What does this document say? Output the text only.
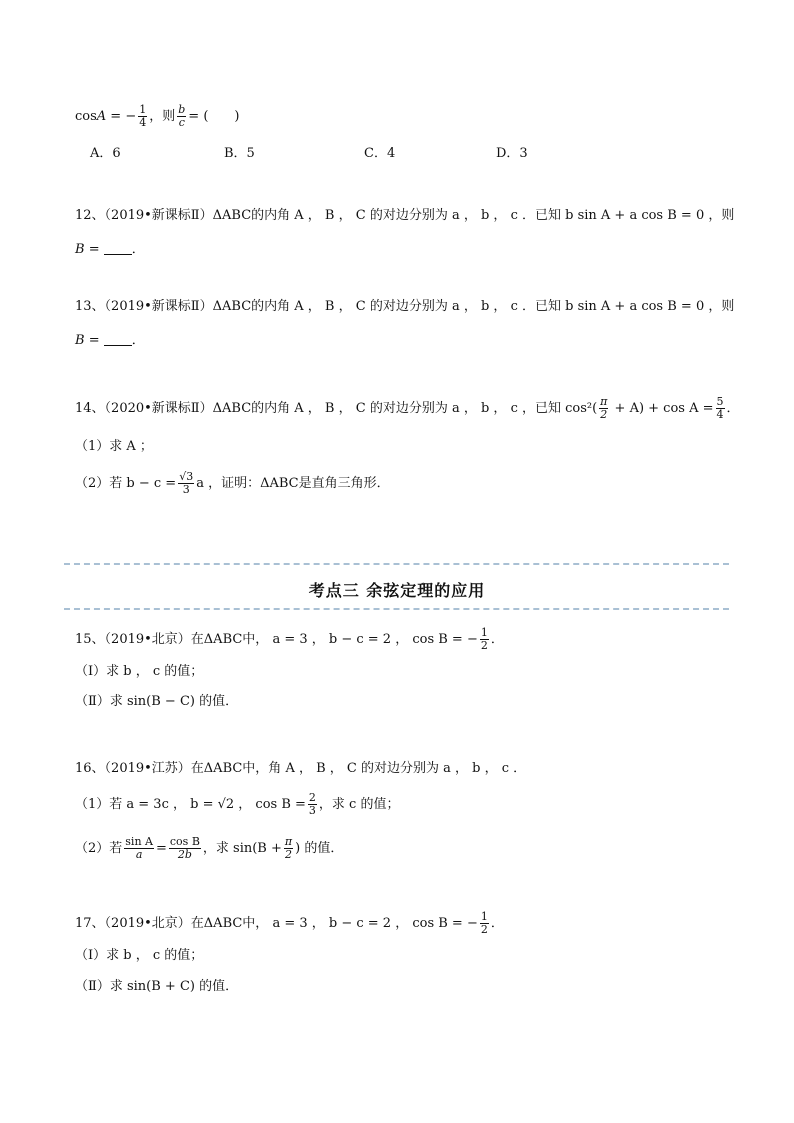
cosA = − $\frac{1}{4}$ ，则 $\frac{b}{c}$ = (　　)
A．6	B．5	C．4	D．3
12、（2019•新课标Ⅱ）ΔABC的内角 A ， B ， C 的对边分别为 a ， b ， c ．已知 b sin A + a cos B = 0 ，则
B = ．
13、（2019•新课标Ⅱ）ΔABC的内角 A ， B ， C 的对边分别为 a ， b ， c ．已知 b sin A + a cos B = 0 ，则
B = ．
14、（2020•新课标Ⅱ）ΔABC的内角 A ， B ， C 的对边分别为 a ， b ， c ，已知 $\cos^2( \frac{\pi}{2} + A) + \cos A = \frac{5}{4}$ ．
（1）求 A ；
（2）若 $b - c = \frac{√3}{3}$ a ，证明：ΔABC是直角三角形．
考点三 余弦定理的应用
15、（2019•北京）在ΔABC中， a = 3 ， b − c = 2 ， cos B = − $\frac{1}{2}$ ．
（Ⅰ）求 b ， c 的值；
（Ⅱ）求 sin(B − C) 的值．
16、（2019•江苏）在ΔABC中，角 A ， B ， C 的对边分别为 a ， b ， c ．
（1）若 a = 3c ， b = √2 ， $\cos B = \frac{2}{3}$ ，求 c 的值；
（2）若 $\frac{\text{sin A}}{a} = \frac{\text{cos B}}{2b}$ ，求 $\sin(B + \frac{\pi}{2}$ ) 的值．
17、（2019•北京）在ΔABC中， a = 3 ， b − c = 2 ， cos B = − $\frac{1}{2}$ ．
（Ⅰ）求 b ， c 的值；
（Ⅱ）求 sin(B + C) 的值．
